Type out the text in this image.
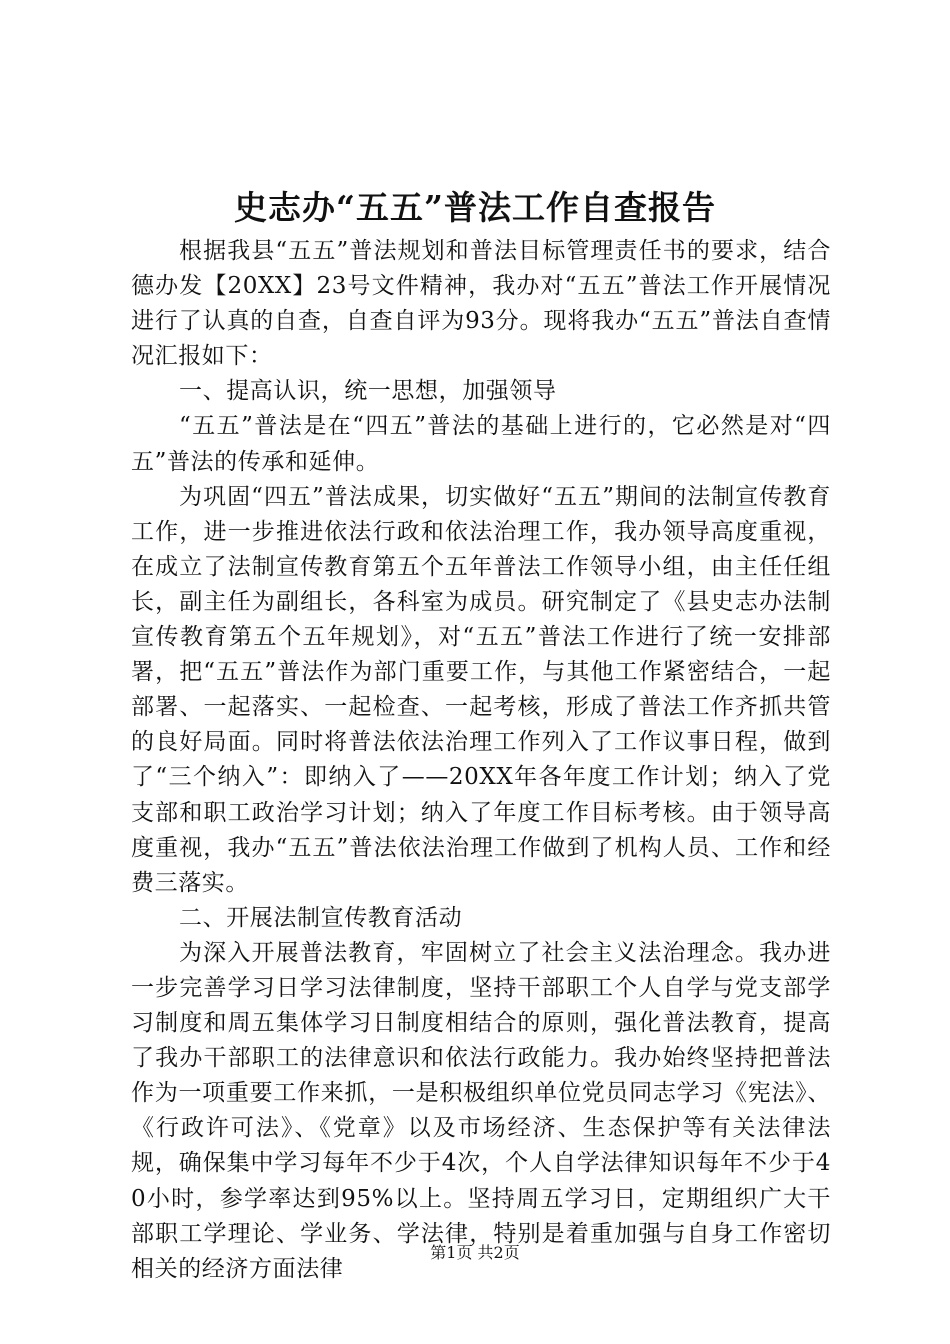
史志办“五五”普法工作自查报告

根据我县“五五”普法规划和普法目标管理责任书的要求，结合德办发【20XX】23号文件精神，我办对“五五”普法工作开展情况进行了认真的自查，自查自评为93分。现将我办“五五”普法自查情况汇报如下：

一、提高认识，统一思想，加强领导

“五五”普法是在“四五”普法的基础上进行的，它必然是对“四五”普法的传承和延伸。

为巩固“四五”普法成果，切实做好“五五”期间的法制宣传教育工作，进一步推进依法行政和依法治理工作，我办领导高度重视，在成立了法制宣传教育第五个五年普法工作领导小组，由主任任组长，副主任为副组长，各科室为成员。研究制定了《县史志办法制宣传教育第五个五年规划》，对“五五”普法工作进行了统一安排部署，把“五五”普法作为部门重要工作，与其他工作紧密结合，一起部署、一起落实、一起检查、一起考核，形成了普法工作齐抓共管的良好局面。同时将普法依法治理工作列入了工作议事日程，做到了“三个纳入”：即纳入了——20XX年各年度工作计划；纳入了党支部和职工政治学习计划；纳入了年度工作目标考核。由于领导高度重视，我办“五五”普法依法治理工作做到了机构人员、工作和经费三落实。

二、开展法制宣传教育活动

为深入开展普法教育，牢固树立了社会主义法治理念。我办进一步完善学习日学习法律制度，坚持干部职工个人自学与党支部学习制度和周五集体学习日制度相结合的原则，强化普法教育，提高了我办干部职工的法律意识和依法行政能力。我办始终坚持把普法作为一项重要工作来抓，一是积极组织单位党员同志学习《宪法》、《行政许可法》、《党章》以及市场经济、生态保护等有关法律法规，确保集中学习每年不少于4次，个人自学法律知识每年不少于40小时，参学率达到95%以上。坚持周五学习日，定期组织广大干部职工学理论、学业务、学法律，特别是着重加强与自身工作密切相关的经济方面法律

第1页 共2页
